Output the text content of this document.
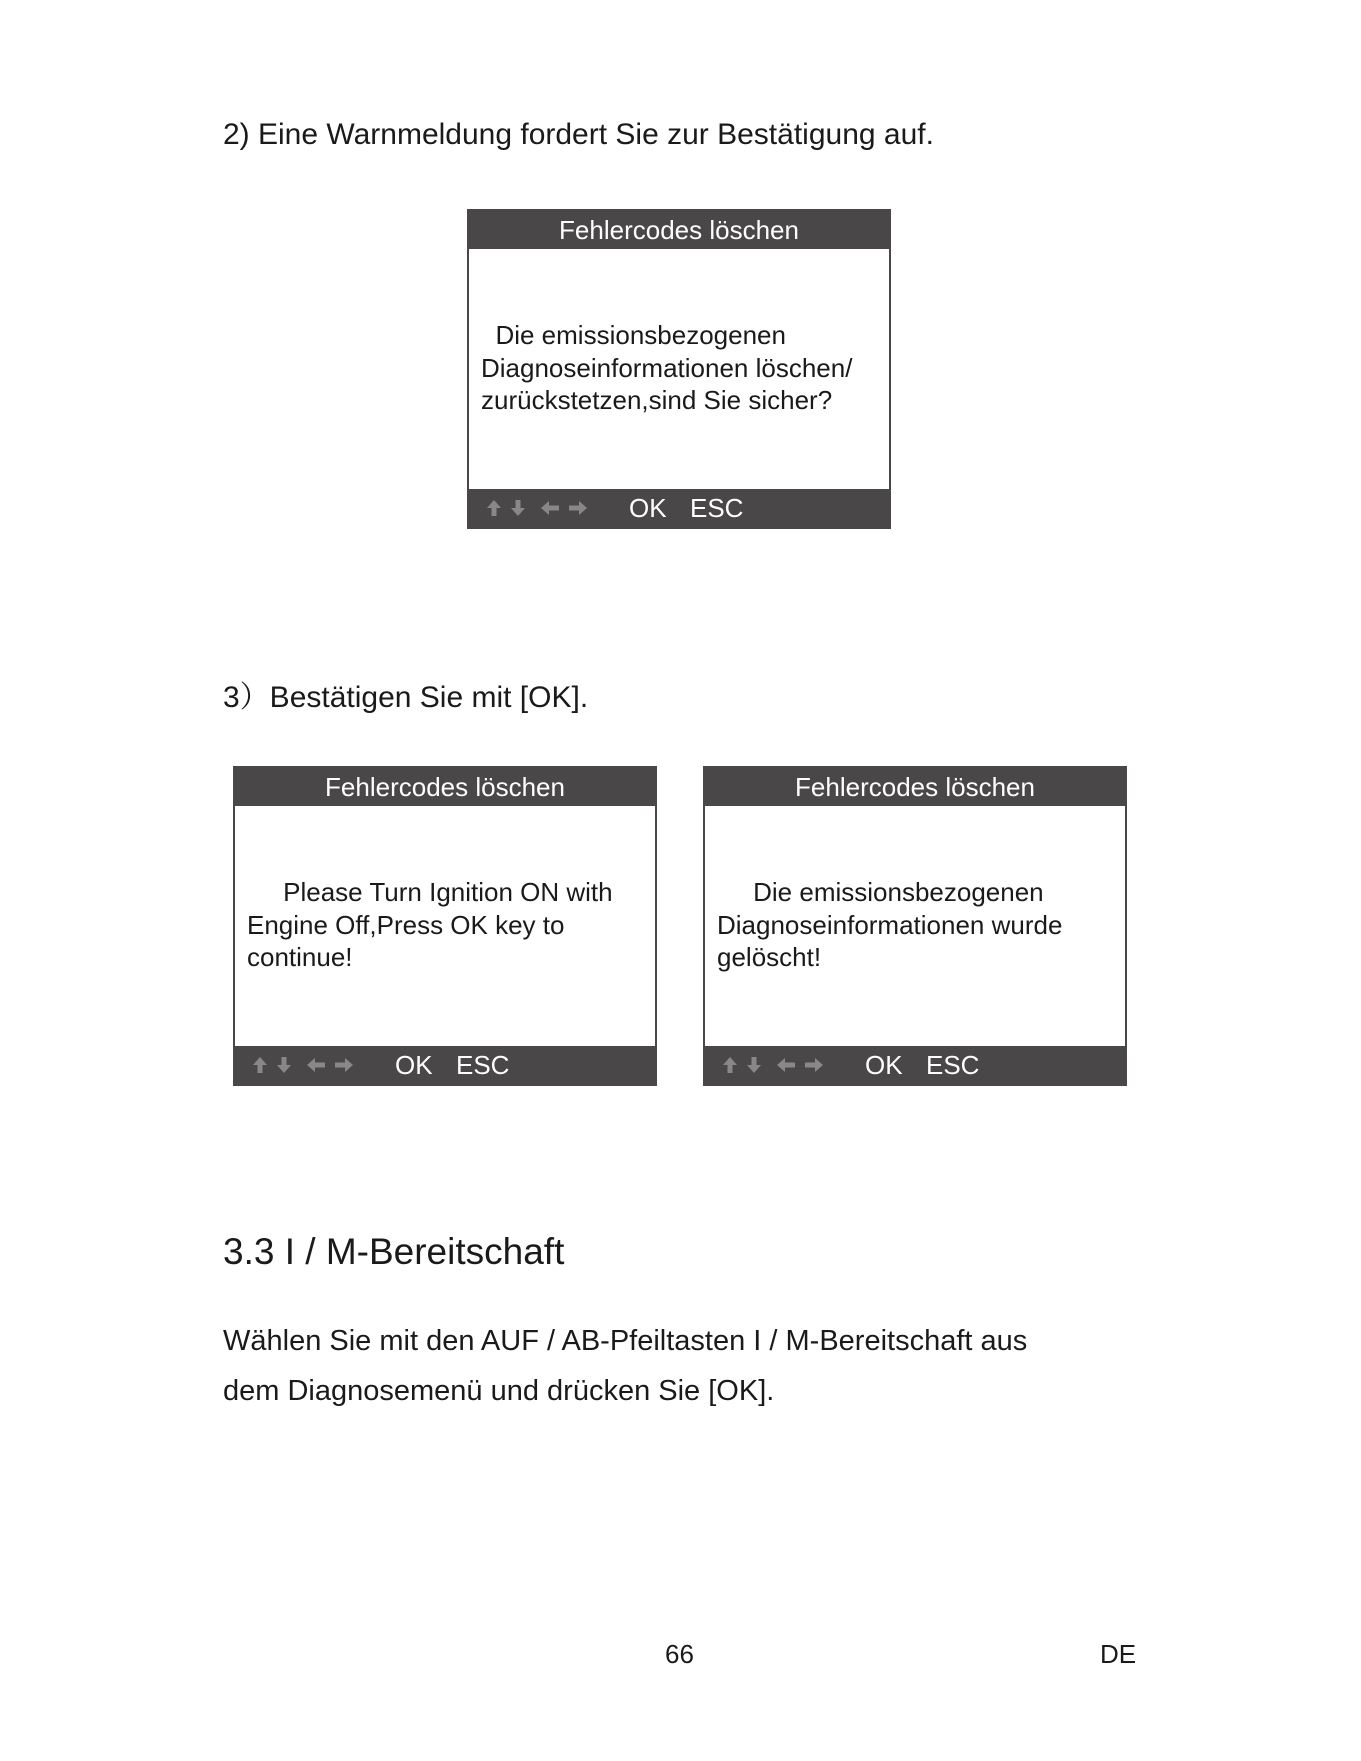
2) Eine Warnmeldung fordert Sie zur Bestätigung auf.
Fehlercodes löschen
Die emissionsbezogenen
Diagnoseinformationen löschen/
zurückstetzen,sind Sie sicher?
OK ESC
3）Bestätigen Sie mit [OK].
Fehlercodes löschen
Please Turn Ignition ON with
Engine Off,Press OK key to
continue!
OK ESC
Fehlercodes löschen
Die emissionsbezogenen
Diagnoseinformationen wurde
gelöscht!
OK ESC
3.3 I / M-Bereitschaft
Wählen Sie mit den AUF / AB-Pfeiltasten I / M-Bereitschaft aus
dem Diagnosemenü und drücken Sie [OK].
66	DE
